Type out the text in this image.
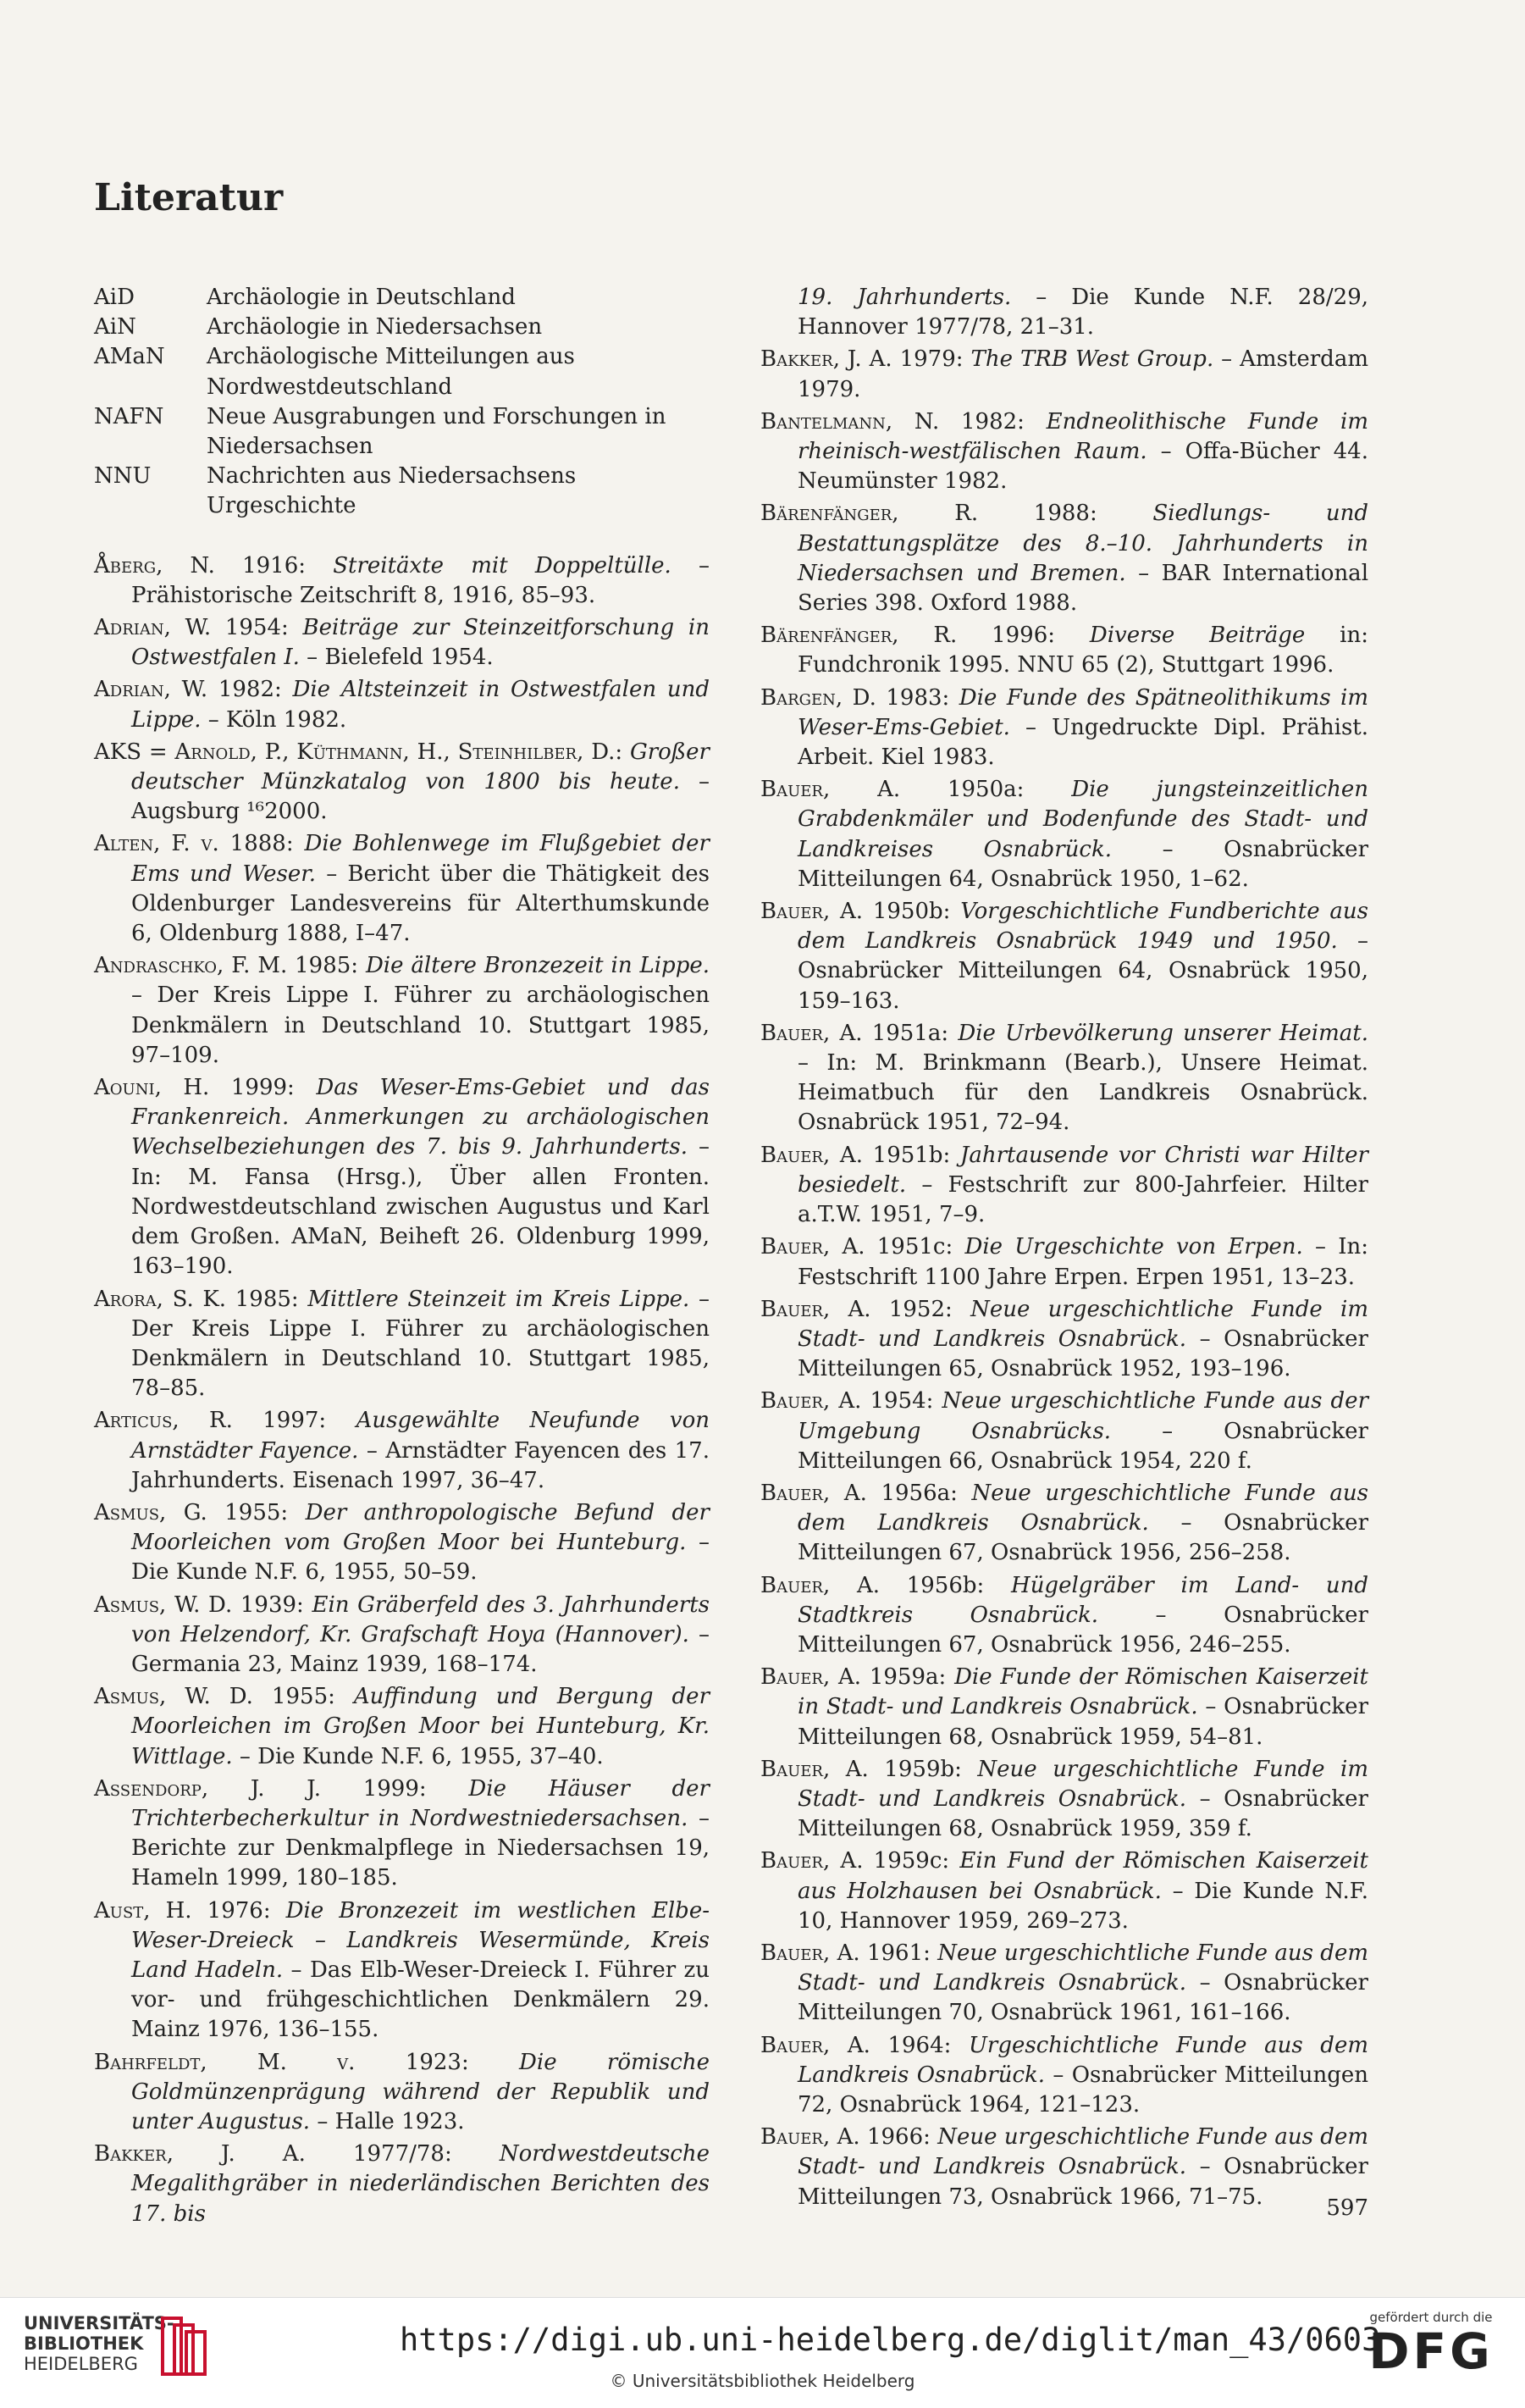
Literatur
AiD	Archäologie in Deutschland
AiN	Archäologie in Niedersachsen
AMaN	Archäologische Mitteilungen aus Nordwestdeutschland
NAFN	Neue Ausgrabungen und Forschungen in Niedersachsen
NNU	Nachrichten aus Niedersachsens Urgeschichte
Åberg, N. 1916: Streitäxte mit Doppeltülle. – Prähistorische Zeitschrift 8, 1916, 85–93.
Adrian, W. 1954: Beiträge zur Steinzeitforschung in Ostwestfalen I. – Bielefeld 1954.
Adrian, W. 1982: Die Altsteinzeit in Ostwestfalen und Lippe. – Köln 1982.
AKS = Arnold, P., Küthmann, H., Steinhilber, D.: Großer deutscher Münzkatalog von 1800 bis heute. – Augsburg ¹⁶2000.
Alten, F. v. 1888: Die Bohlenwege im Flußgebiet der Ems und Weser. – Bericht über die Thätigkeit des Oldenburger Landesvereins für Alterthumskunde 6, Oldenburg 1888, I–47.
Andraschko, F. M. 1985: Die ältere Bronzezeit in Lippe. – Der Kreis Lippe I. Führer zu archäologischen Denkmälern in Deutschland 10. Stuttgart 1985, 97–109.
Aouni, H. 1999: Das Weser-Ems-Gebiet und das Frankenreich. Anmerkungen zu archäologischen Wechselbeziehungen des 7. bis 9. Jahrhunderts. – In: M. Fansa (Hrsg.), Über allen Fronten. Nordwestdeutschland zwischen Augustus und Karl dem Großen. AMaN, Beiheft 26. Oldenburg 1999, 163–190.
Arora, S. K. 1985: Mittlere Steinzeit im Kreis Lippe. – Der Kreis Lippe I. Führer zu archäologischen Denkmälern in Deutschland 10. Stuttgart 1985, 78–85.
Articus, R. 1997: Ausgewählte Neufunde von Arnstädter Fayence. – Arnstädter Fayencen des 17. Jahrhunderts. Eisenach 1997, 36–47.
Asmus, G. 1955: Der anthropologische Befund der Moorleichen vom Großen Moor bei Hunteburg. – Die Kunde N.F. 6, 1955, 50–59.
Asmus, W. D. 1939: Ein Gräberfeld des 3. Jahrhunderts von Helzendorf, Kr. Grafschaft Hoya (Hannover). – Germania 23, Mainz 1939, 168–174.
Asmus, W. D. 1955: Auffindung und Bergung der Moorleichen im Großen Moor bei Hunteburg, Kr. Wittlage. – Die Kunde N.F. 6, 1955, 37–40.
Assendorp, J. J. 1999: Die Häuser der Trichterbecherkultur in Nordwestniedersachsen. – Berichte zur Denkmalpflege in Niedersachsen 19, Hameln 1999, 180–185.
Aust, H. 1976: Die Bronzezeit im westlichen Elbe-Weser-Dreieck – Landkreis Wesermünde, Kreis Land Hadeln. – Das Elb-Weser-Dreieck I. Führer zu vor- und frühgeschichtlichen Denkmälern 29. Mainz 1976, 136–155.
Bahrfeldt, M. v. 1923: Die römische Goldmünzenprägung während der Republik und unter Augustus. – Halle 1923.
Bakker, J. A. 1977/78: Nordwestdeutsche Megalithgräber in niederländischen Berichten des 17. bis
19. Jahrhunderts. – Die Kunde N.F. 28/29, Hannover 1977/78, 21–31.
Bakker, J. A. 1979: The TRB West Group. – Amsterdam 1979.
Bantelmann, N. 1982: Endneolithische Funde im rheinisch-westfälischen Raum. – Offa-Bücher 44. Neumünster 1982.
Bärenfänger, R. 1988: Siedlungs- und Bestattungsplätze des 8.–10. Jahrhunderts in Niedersachsen und Bremen. – BAR International Series 398. Oxford 1988.
Bärenfänger, R. 1996: Diverse Beiträge in: Fundchronik 1995. NNU 65 (2), Stuttgart 1996.
Bargen, D. 1983: Die Funde des Spätneolithikums im Weser-Ems-Gebiet. – Ungedruckte Dipl. Prähist. Arbeit. Kiel 1983.
Bauer, A. 1950a: Die jungsteinzeitlichen Grabdenkmäler und Bodenfunde des Stadt- und Landkreises Osnabrück. – Osnabrücker Mitteilungen 64, Osnabrück 1950, 1–62.
Bauer, A. 1950b: Vorgeschichtliche Fundberichte aus dem Landkreis Osnabrück 1949 und 1950. – Osnabrücker Mitteilungen 64, Osnabrück 1950, 159–163.
Bauer, A. 1951a: Die Urbevölkerung unserer Heimat. – In: M. Brinkmann (Bearb.), Unsere Heimat. Heimatbuch für den Landkreis Osnabrück. Osnabrück 1951, 72–94.
Bauer, A. 1951b: Jahrtausende vor Christi war Hilter besiedelt. – Festschrift zur 800-Jahrfeier. Hilter a.T.W. 1951, 7–9.
Bauer, A. 1951c: Die Urgeschichte von Erpen. – In: Festschrift 1100 Jahre Erpen. Erpen 1951, 13–23.
Bauer, A. 1952: Neue urgeschichtliche Funde im Stadt- und Landkreis Osnabrück. – Osnabrücker Mitteilungen 65, Osnabrück 1952, 193–196.
Bauer, A. 1954: Neue urgeschichtliche Funde aus der Umgebung Osnabrücks. – Osnabrücker Mitteilungen 66, Osnabrück 1954, 220 f.
Bauer, A. 1956a: Neue urgeschichtliche Funde aus dem Landkreis Osnabrück. – Osnabrücker Mitteilungen 67, Osnabrück 1956, 256–258.
Bauer, A. 1956b: Hügelgräber im Land- und Stadtkreis Osnabrück. – Osnabrücker Mitteilungen 67, Osnabrück 1956, 246–255.
Bauer, A. 1959a: Die Funde der Römischen Kaiserzeit in Stadt- und Landkreis Osnabrück. – Osnabrücker Mitteilungen 68, Osnabrück 1959, 54–81.
Bauer, A. 1959b: Neue urgeschichtliche Funde im Stadt- und Landkreis Osnabrück. – Osnabrücker Mitteilungen 68, Osnabrück 1959, 359 f.
Bauer, A. 1959c: Ein Fund der Römischen Kaiserzeit aus Holzhausen bei Osnabrück. – Die Kunde N.F. 10, Hannover 1959, 269–273.
Bauer, A. 1961: Neue urgeschichtliche Funde aus dem Stadt- und Landkreis Osnabrück. – Osnabrücker Mitteilungen 70, Osnabrück 1961, 161–166.
Bauer, A. 1964: Urgeschichtliche Funde aus dem Landkreis Osnabrück. – Osnabrücker Mitteilungen 72, Osnabrück 1964, 121–123.
Bauer, A. 1966: Neue urgeschichtliche Funde aus dem Stadt- und Landkreis Osnabrück. – Osnabrücker Mitteilungen 73, Osnabrück 1966, 71–75.	597
UNIVERSITÄTS-
BIBLIOTHEK
HEIDELBERG
https://digi.ub.uni-heidelberg.de/diglit/man_43/0603
© Universitätsbibliothek Heidelberg
gefördert durch die
DFG
